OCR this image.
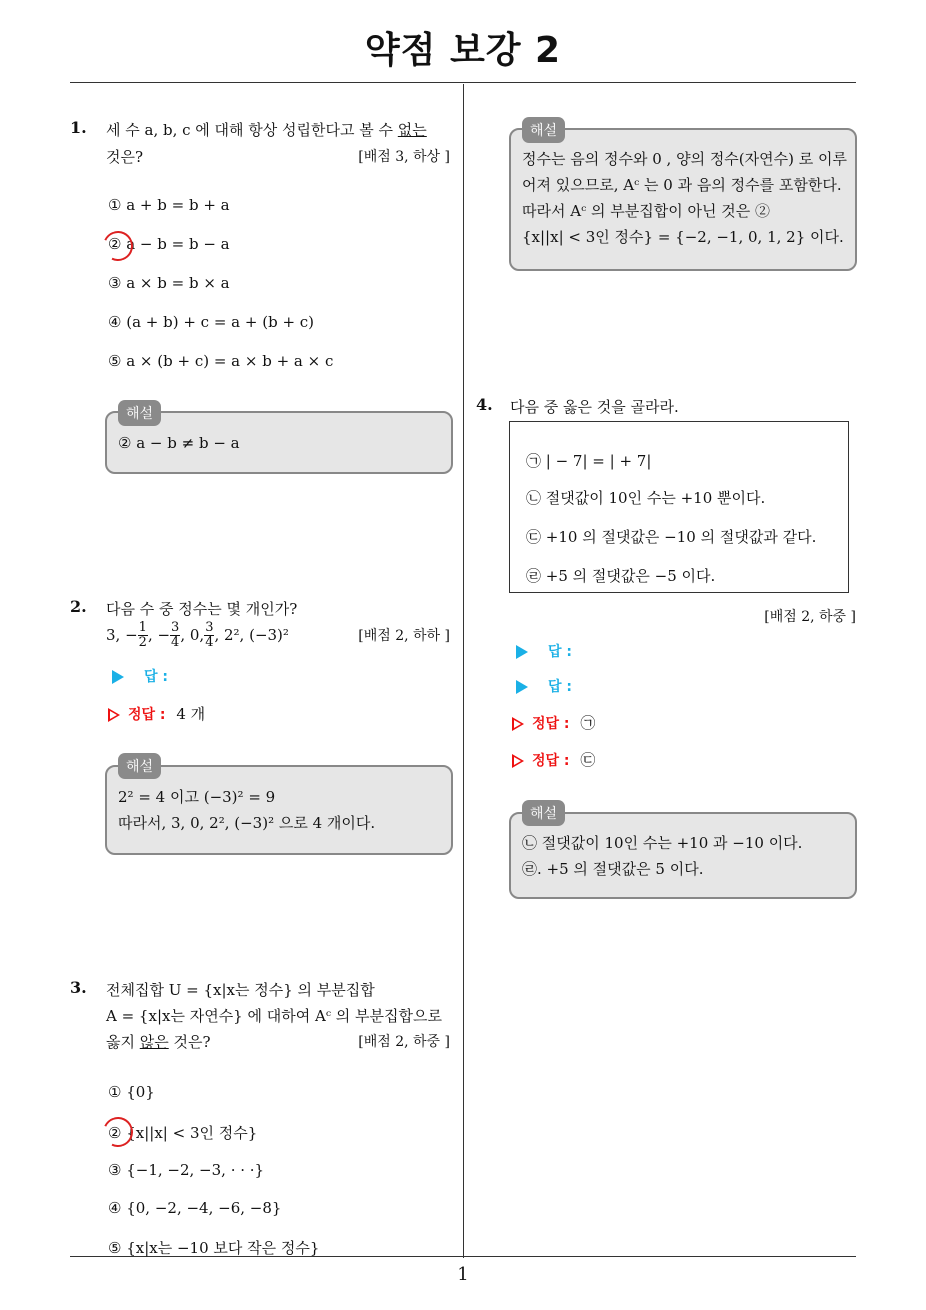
약점 보강 2
1
1. 세 수 a, b, c 에 대해 항상 성립한다고 볼 수 없는
것은?	[배점 3, 하상 ]
① a + b = b + a
② a − b = b − a
③ a × b = b × a
④ (a + b) + c = a + (b + c)
⑤ a × (b + c) = a × b + a × c
해설
② a − b ≠ b − a
2. 다음 수 중 정수는 몇 개인가?
3, − $\frac{1}{2}$ , − $\frac{3}{4}$ , 0, $\frac{3}{4}$ , 2², (−3)²	[배점 2, 하하 ]
답 :
정답 : 4 개
해설
2² = 4 이고 (−3)² = 9
따라서, 3, 0, 2², (−3)² 으로 4 개이다.
3. 전체집합 U = {x|x는 정수} 의 부분집합
A = {x|x는 자연수} 에 대하여 Aᶜ 의 부분집합으로
옳지 않은 것은?	[배점 2, 하중 ]
① {0}
② {x||x| < 3인 정수}
③ {−1, −2, −3, · · ·}
④ {0, −2, −4, −6, −8}
⑤ {x|x는 −10 보다 작은 정수}
해설
정수는 음의 정수와 0 , 양의 정수(자연수) 로 이루
어져 있으므로, Aᶜ 는 0 과 음의 정수를 포함한다.
따라서 Aᶜ 의 부분집합이 아닌 것은 ②
{x||x| < 3인 정수} = {−2, −1, 0, 1, 2} 이다.
4. 다음 중 옳은 것을 골라라.
㉠ | − 7| = | + 7|
㉡ 절댓값이 10인 수는 +10 뿐이다.
㉢ +10 의 절댓값은 −10 의 절댓값과 같다.
㉣ +5 의 절댓값은 −5 이다.
[배점 2, 하중 ]
답 :
답 :
정답 : ㉠
정답 : ㉢
해설
㉡ 절댓값이 10인 수는 +10 과 −10 이다.
㉣. +5 의 절댓값은 5 이다.
